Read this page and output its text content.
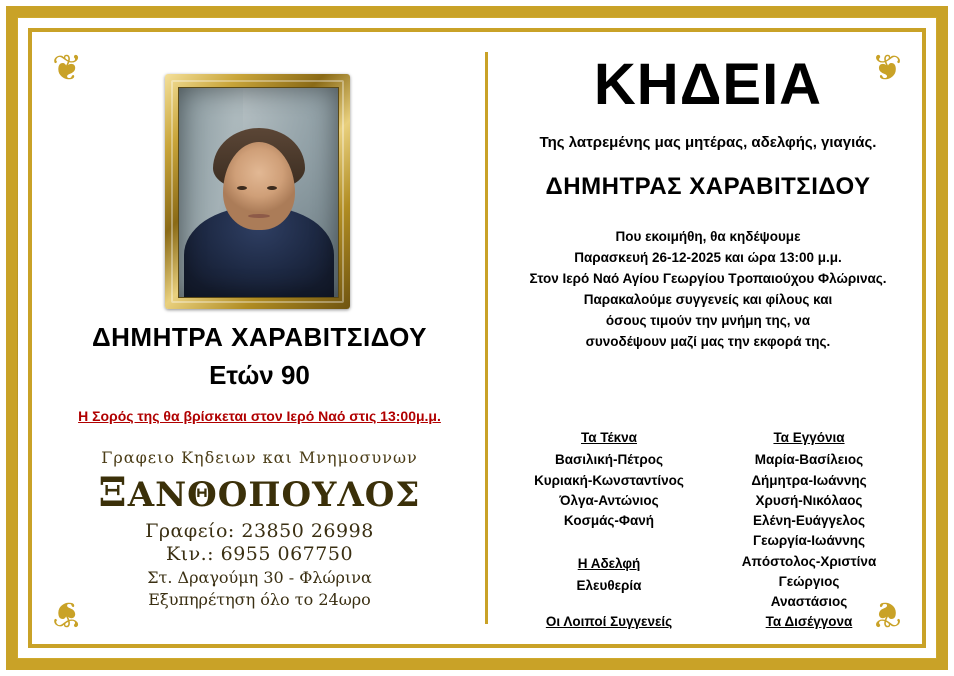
❦	❦
❦	❦
ΔΗΜΗΤΡΑ ΧΑΡΑΒΙΤΣΙΔΟΥ
Ετών 90
Η Σορός της θα βρίσκεται στον Ιερό Ναό στις 13:00μ.μ.
Γραφειο Κηδειων και Μνημοσυνων
ΞΑΝΘΟΠΟΥΛΟΣ
Γραφείο: 23850 26998
Κιν.: 6955 067750
Στ. Δραγούμη 30 - Φλώρινα
Εξυπηρέτηση όλο το 24ωρο
ΚΗΔΕΙΑ
Της λατρεμένης μας μητέρας, αδελφής, γιαγιάς.
ΔΗΜΗΤΡΑΣ ΧΑΡΑΒΙΤΣΙΔΟΥ
Που εκοιμήθη, θα κηδέψουμε
Παρασκευή 26-12-2025 και ώρα 13:00 μ.μ.
Στον Ιερό Ναό Αγίου Γεωργίου Τροπαιούχου Φλώρινας.
Παρακαλούμε συγγενείς και φίλους και
όσους τιμούν την μνήμη της, να
συνοδέψουν μαζί μας την εκφορά της.
Τα Τέκνα
Βασιλική-Πέτρος
Κυριακή-Κωνσταντίνος
Όλγα-Αντώνιος
Κοσμάς-Φανή
Τα Εγγόνια
Μαρία-Βασίλειος
Δήμητρα-Ιωάννης
Χρυσή-Νικόλαος
Ελένη-Ευάγγελος
Γεωργία-Ιωάννης
Απόστολος-Χριστίνα
Γεώργιος
Αναστάσιος
Η Αδελφή
Ελευθερία
Οι Λοιποί Συγγενείς	Τα Δισέγγονα
